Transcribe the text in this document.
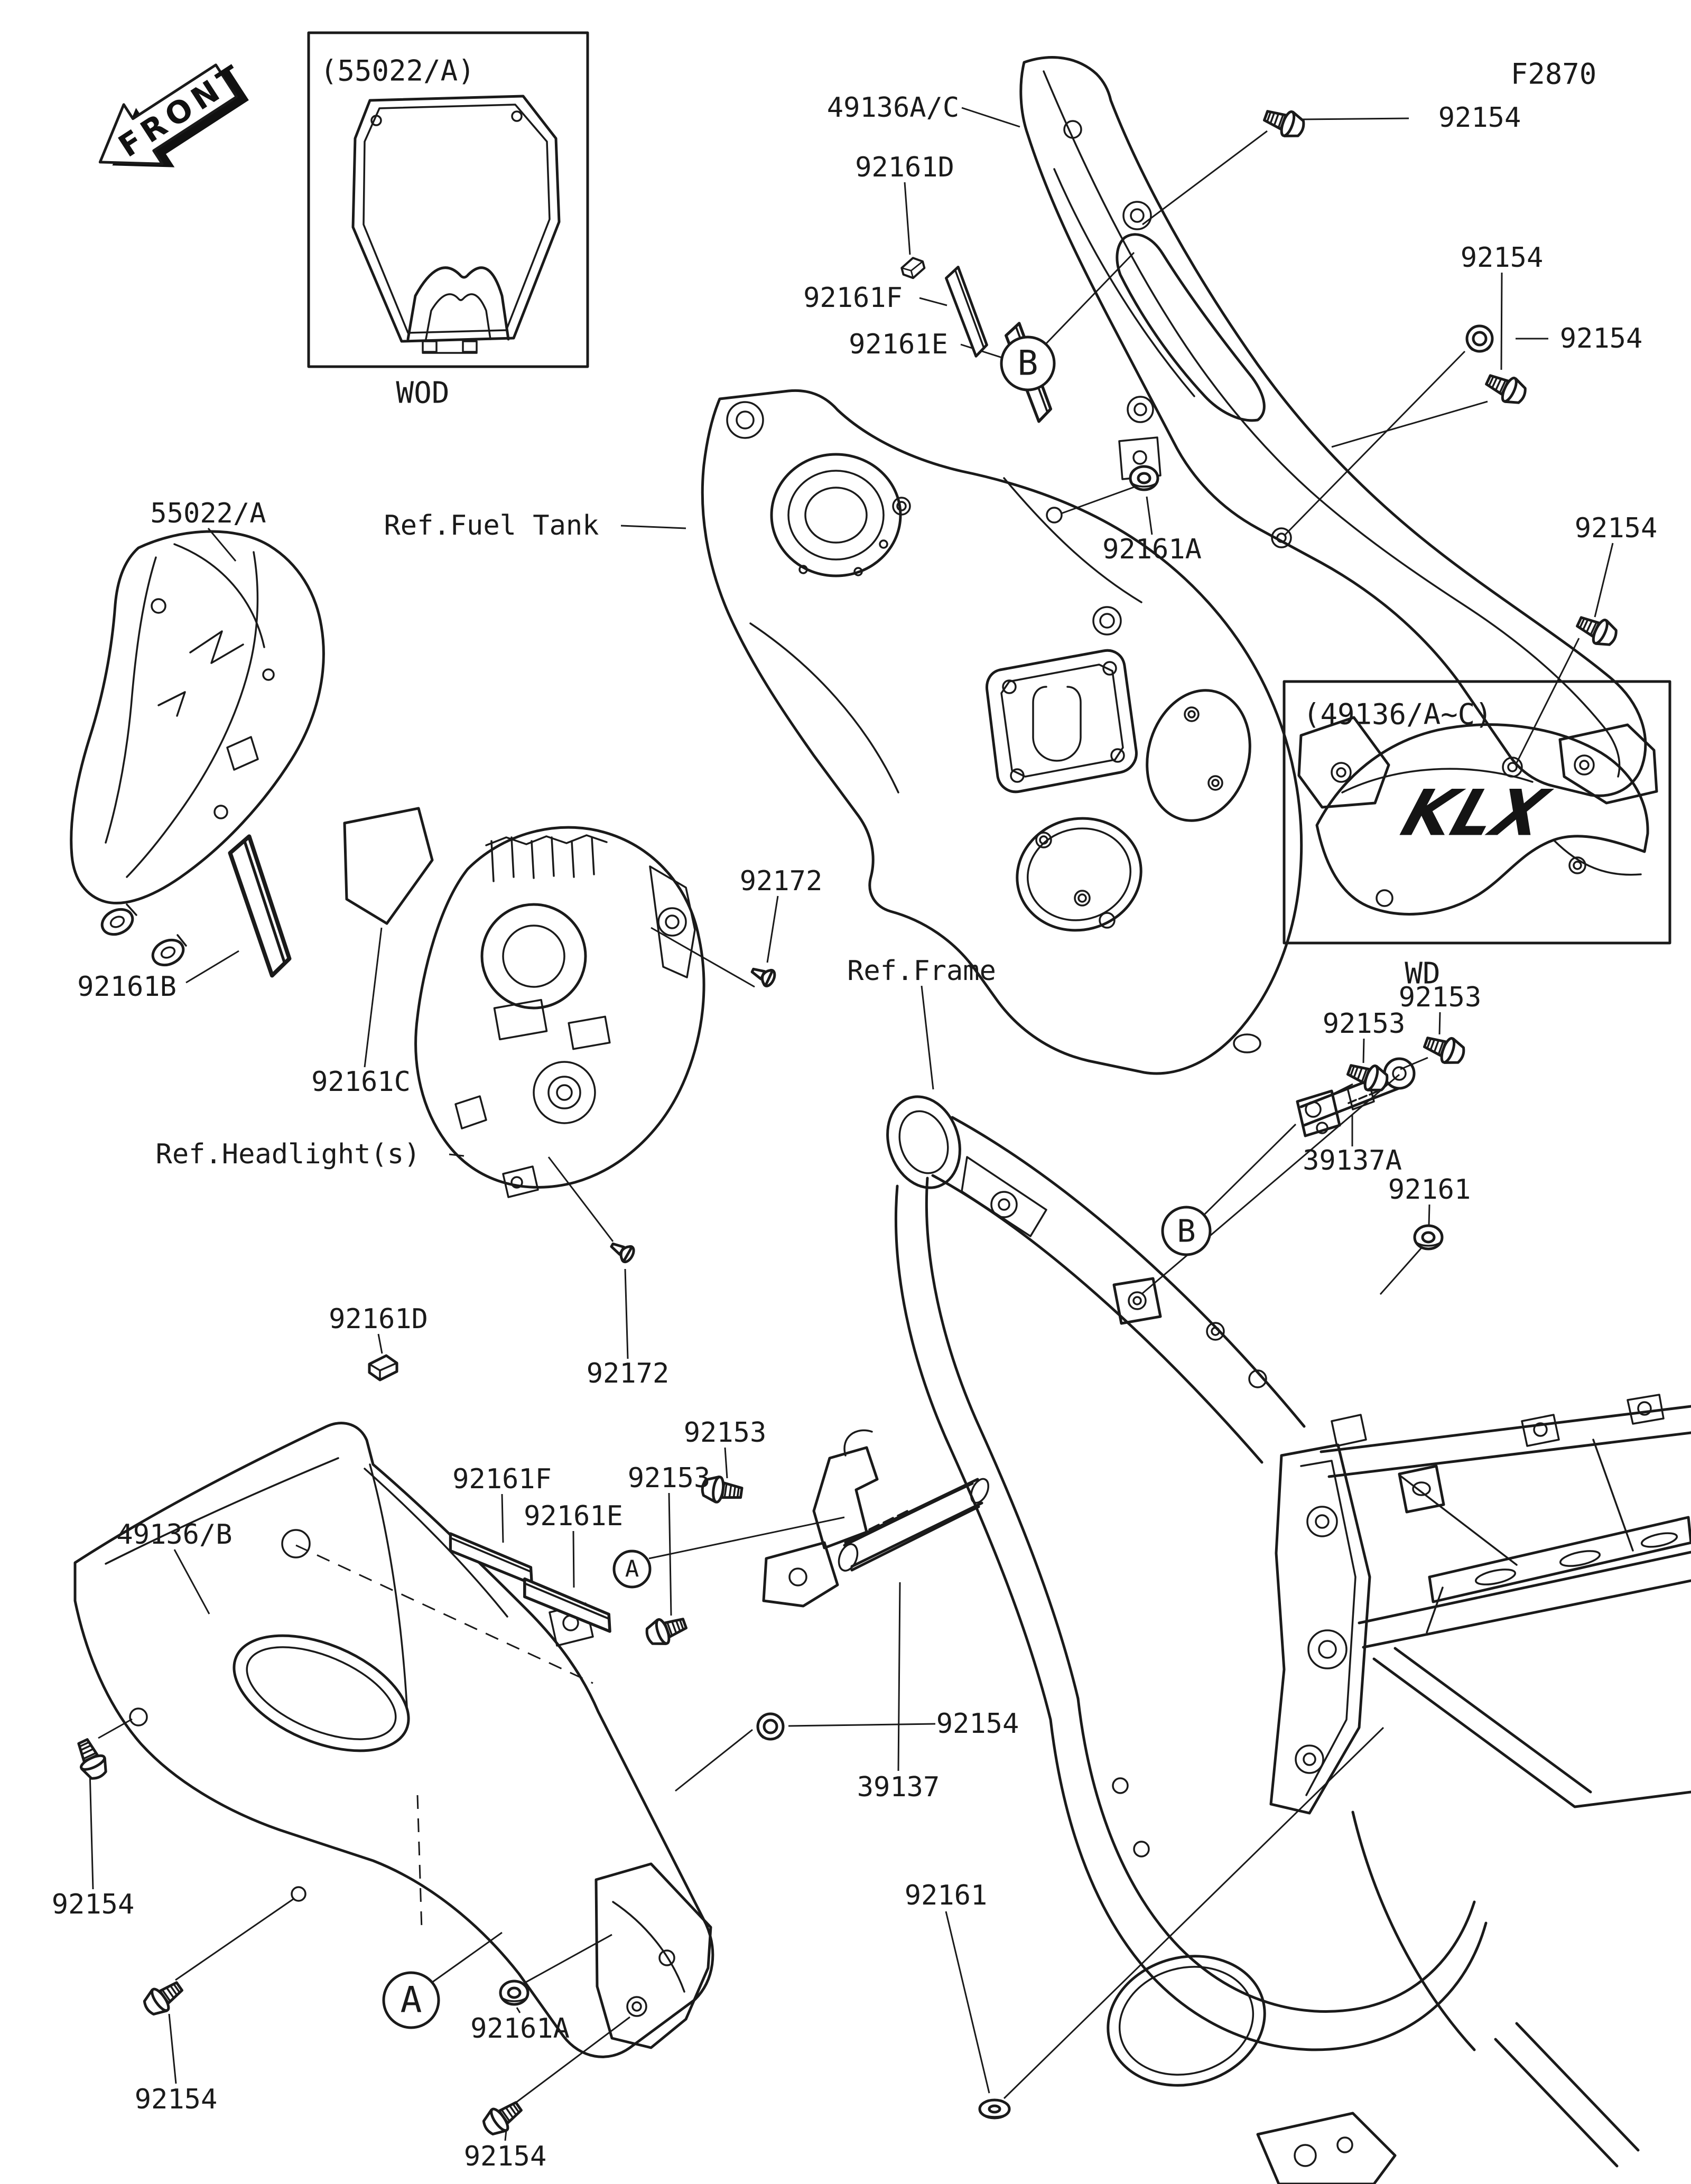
FRONT (55022/A)
WOD
(49136/A~C)
KLX
WD
B
B
A
A
49136A/C
92161D
92161F
92161E
92154
92154
92154
92154
92161A
Ref.Fuel Tank
55022/A
92161B
92161C
Ref.Headlight(s)
92172
92172
Ref.Frame
92153
92153
39137A
92161
92161D
49136/B
92161F
92161E
92153
92153
39137
92154
92154
92154
92161A
92154
92161
F2870
